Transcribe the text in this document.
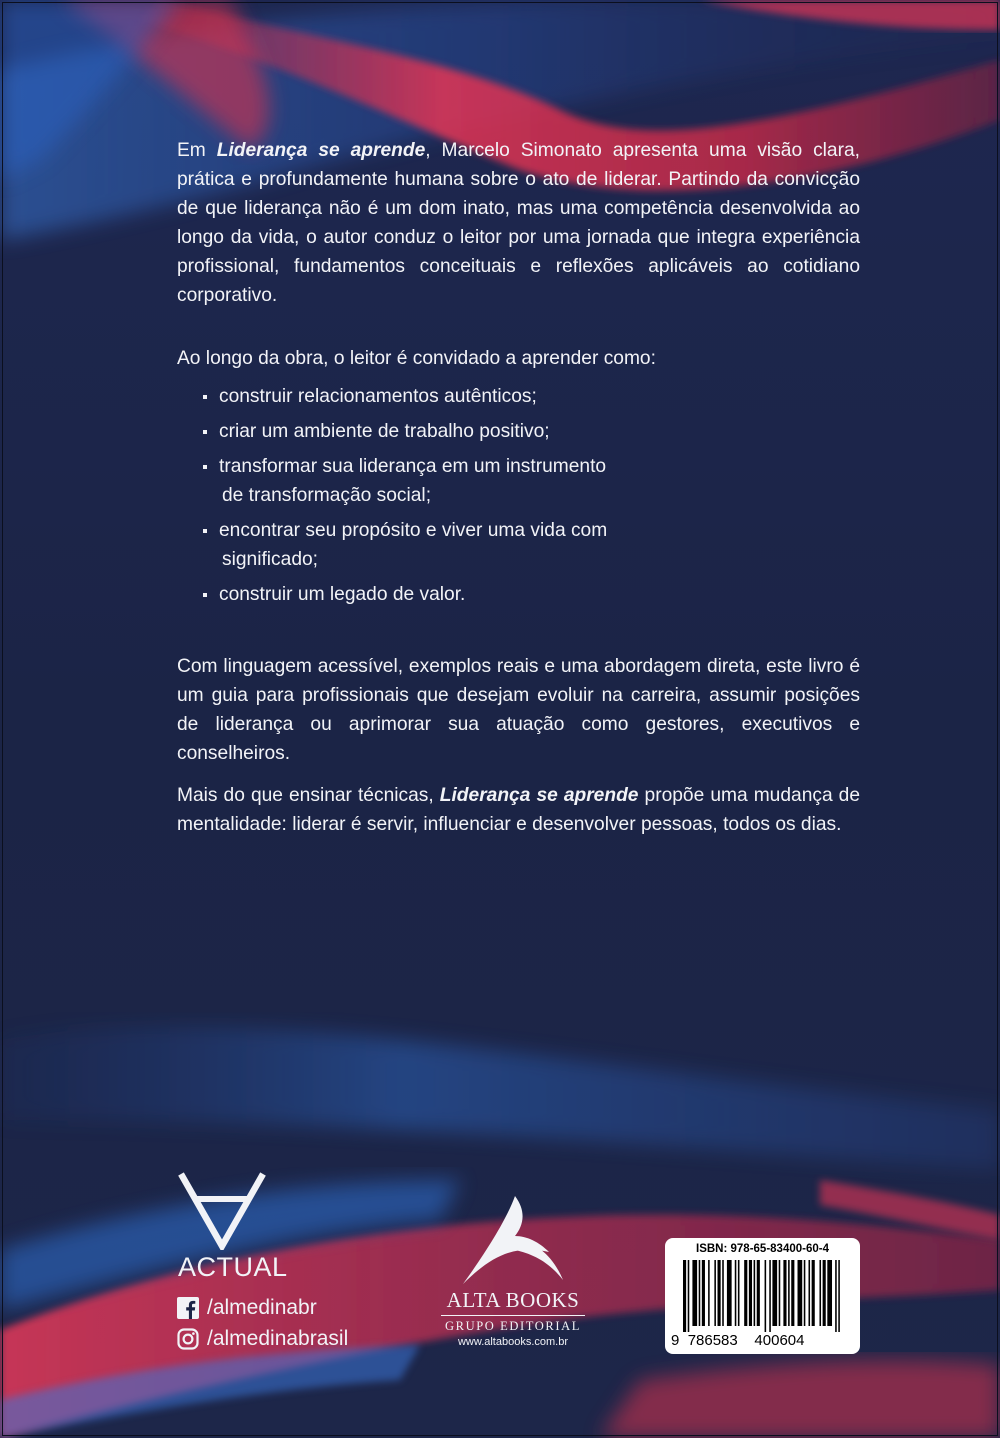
Em Liderança se aprende, Marcelo Simonato apresenta uma visão clara, prática e profundamente humana sobre o ato de liderar. Partindo da convicção de que liderança não é um dom inato, mas uma competência desenvolvida ao longo da vida, o autor conduz o leitor por uma jornada que integra experiência profissional, fundamentos conceituais e reflexões aplicáveis ao cotidiano corporativo.

Ao longo da obra, o leitor é convidado a aprender como:

construir relacionamentos autênticos;
criar um ambiente de trabalho positivo;
transformar sua liderança em um instrumento
de transformação social;
encontrar seu propósito e viver uma vida com
significado;
construir um legado de valor.

Com linguagem acessível, exemplos reais e uma abordagem direta, este livro é um guia para profissionais que desejam evoluir na carreira, assumir posições de liderança ou aprimorar sua atuação como gestores, executivos e conselheiros.

Mais do que ensinar técnicas, Liderança se aprende propõe uma mudança de mentalidade: liderar é servir, influenciar e desenvolver pessoas, todos os dias.

ACTUAL
/almedinabr
/almedinabrasil
ALTA BOOKS
GRUPO EDITORIAL
www.altabooks.com.br
ISBN: 978-65-83400-60-4
9 786583 400604
